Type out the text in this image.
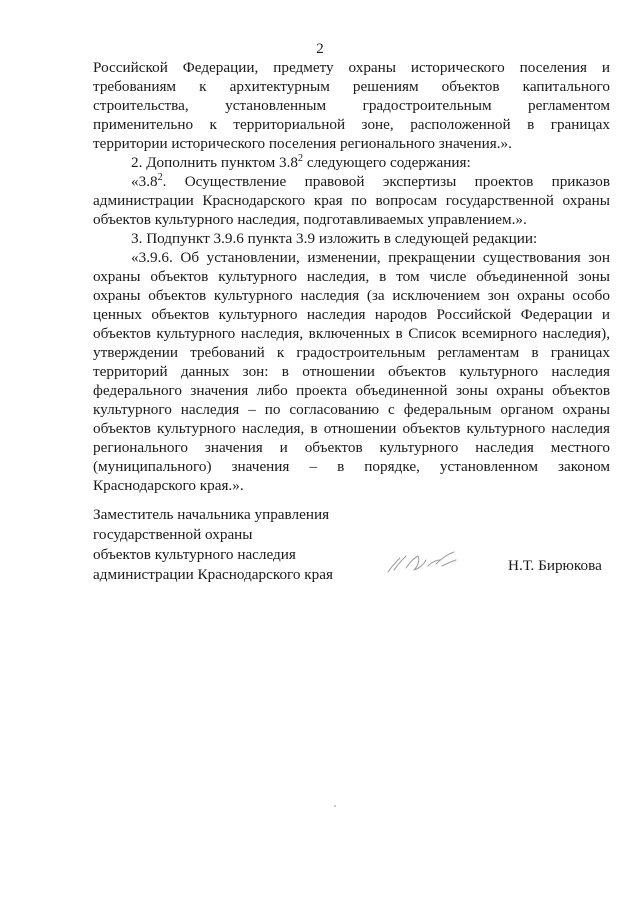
2

Российской Федерации, предмету охраны исторического поселения и требованиям к архитектурным решениям объектов капитального строительства, установленным градостроительным регламентом применительно к территориальной зоне, расположенной в границах территории исторического поселения регионального значения.».

2. Дополнить пунктом $3.8^2$ следующего содержания:

«$3.8^2$. Осуществление правовой экспертизы проектов приказов администрации Краснодарского края по вопросам государственной охраны объектов культурного наследия, подготавливаемых управлением.».

3. Подпункт 3.9.6 пункта 3.9 изложить в следующей редакции:

«3.9.6. Об установлении, изменении, прекращении существования зон охраны объектов культурного наследия, в том числе объединенной зоны охраны объектов культурного наследия (за исключением зон охраны особо ценных объектов культурного наследия народов Российской Федерации и объектов культурного наследия, включенных в Список всемирного наследия), утверждении требований к градостроительным регламентам в границах территорий данных зон: в отношении объектов культурного наследия федерального значения либо проекта объединенной зоны охраны объектов культурного наследия – по согласованию с федеральным органом охраны объектов культурного наследия, в отношении объектов культурного наследия регионального значения и объектов культурного наследия местного (муниципального) значения – в порядке, установленном законом Краснодарского края.».

Заместитель начальника управления
государственной охраны
объектов культурного наследия
администрации Краснодарского края
Н.Т. Бирюкова
